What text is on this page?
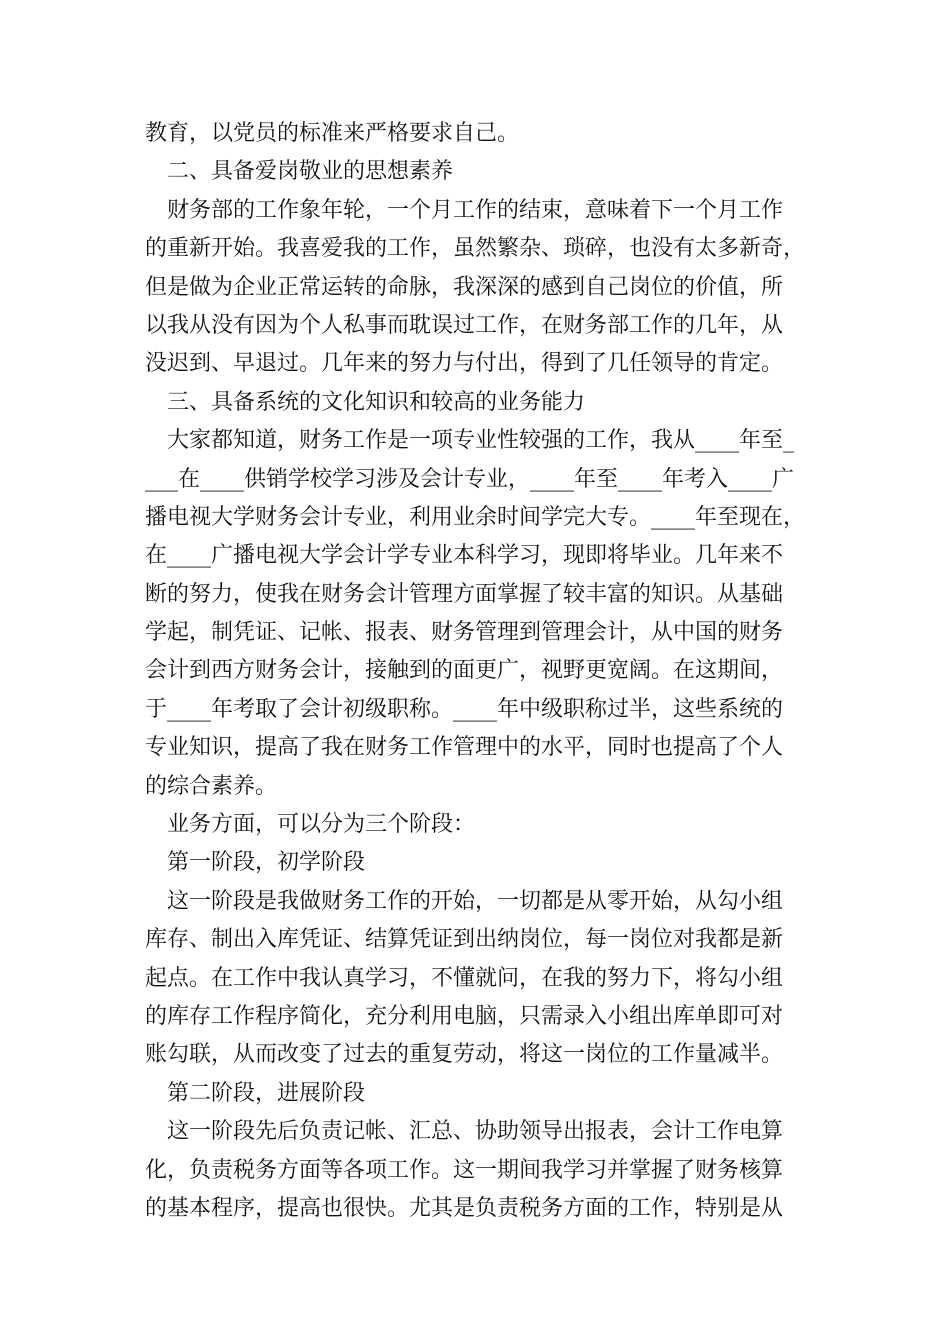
教育，以党员的标准来严格要求自己。
二、具备爱岗敬业的思想素养
财务部的工作象年轮，一个月工作的结束，意味着下一个月工作
的重新开始。我喜爱我的工作，虽然繁杂、琐碎，也没有太多新奇，
但是做为企业正常运转的命脉，我深深的感到自己岗位的价值，所
以我从没有因为个人私事而耽误过工作，在财务部工作的几年，从
没迟到、早退过。几年来的努力与付出，得到了几任领导的肯定。
三、具备系统的文化知识和较高的业务能力
大家都知道，财务工作是一项专业性较强的工作，我从____年至_
___在____供销学校学习涉及会计专业，____年至____年考入____广
播电视大学财务会计专业，利用业余时间学完大专。____年至现在，
在____广播电视大学会计学专业本科学习，现即将毕业。几年来不
断的努力，使我在财务会计管理方面掌握了较丰富的知识。从基础
学起，制凭证、记帐、报表、财务管理到管理会计，从中国的财务
会计到西方财务会计，接触到的面更广，视野更宽阔。在这期间，
于____年考取了会计初级职称。____年中级职称过半，这些系统的
专业知识，提高了我在财务工作管理中的水平，同时也提高了个人
的综合素养。
业务方面，可以分为三个阶段：
第一阶段，初学阶段
这一阶段是我做财务工作的开始，一切都是从零开始，从勾小组
库存、制出入库凭证、结算凭证到出纳岗位，每一岗位对我都是新
起点。在工作中我认真学习，不懂就问，在我的努力下，将勾小组
的库存工作程序简化，充分利用电脑，只需录入小组出库单即可对
账勾联，从而改变了过去的重复劳动，将这一岗位的工作量减半。
第二阶段，进展阶段
这一阶段先后负责记帐、汇总、协助领导出报表，会计工作电算
化，负责税务方面等各项工作。这一期间我学习并掌握了财务核算
的基本程序，提高也很快。尤其是负责税务方面的工作，特别是从
